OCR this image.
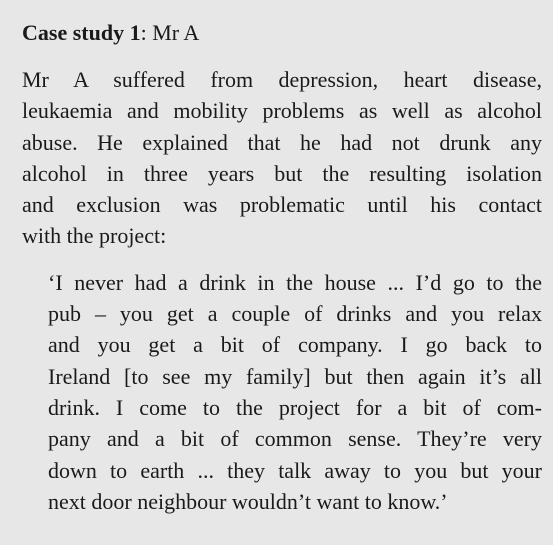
Case study 1: Mr A
Mr A suffered from depression, heart disease,
leukaemia and mobility problems as well as alcohol
abuse. He explained that he had not drunk any
alcohol in three years but the resulting isolation
and exclusion was problematic until his contact
with the project:
‘I never had a drink in the house ... I’d go to the
pub – you get a couple of drinks and you relax
and you get a bit of company. I go back to
Ireland [to see my family] but then again it’s all
drink. I come to the project for a bit of com-
pany and a bit of common sense. They’re very
down to earth ... they talk away to you but your
next door neighbour wouldn’t want to know.’
